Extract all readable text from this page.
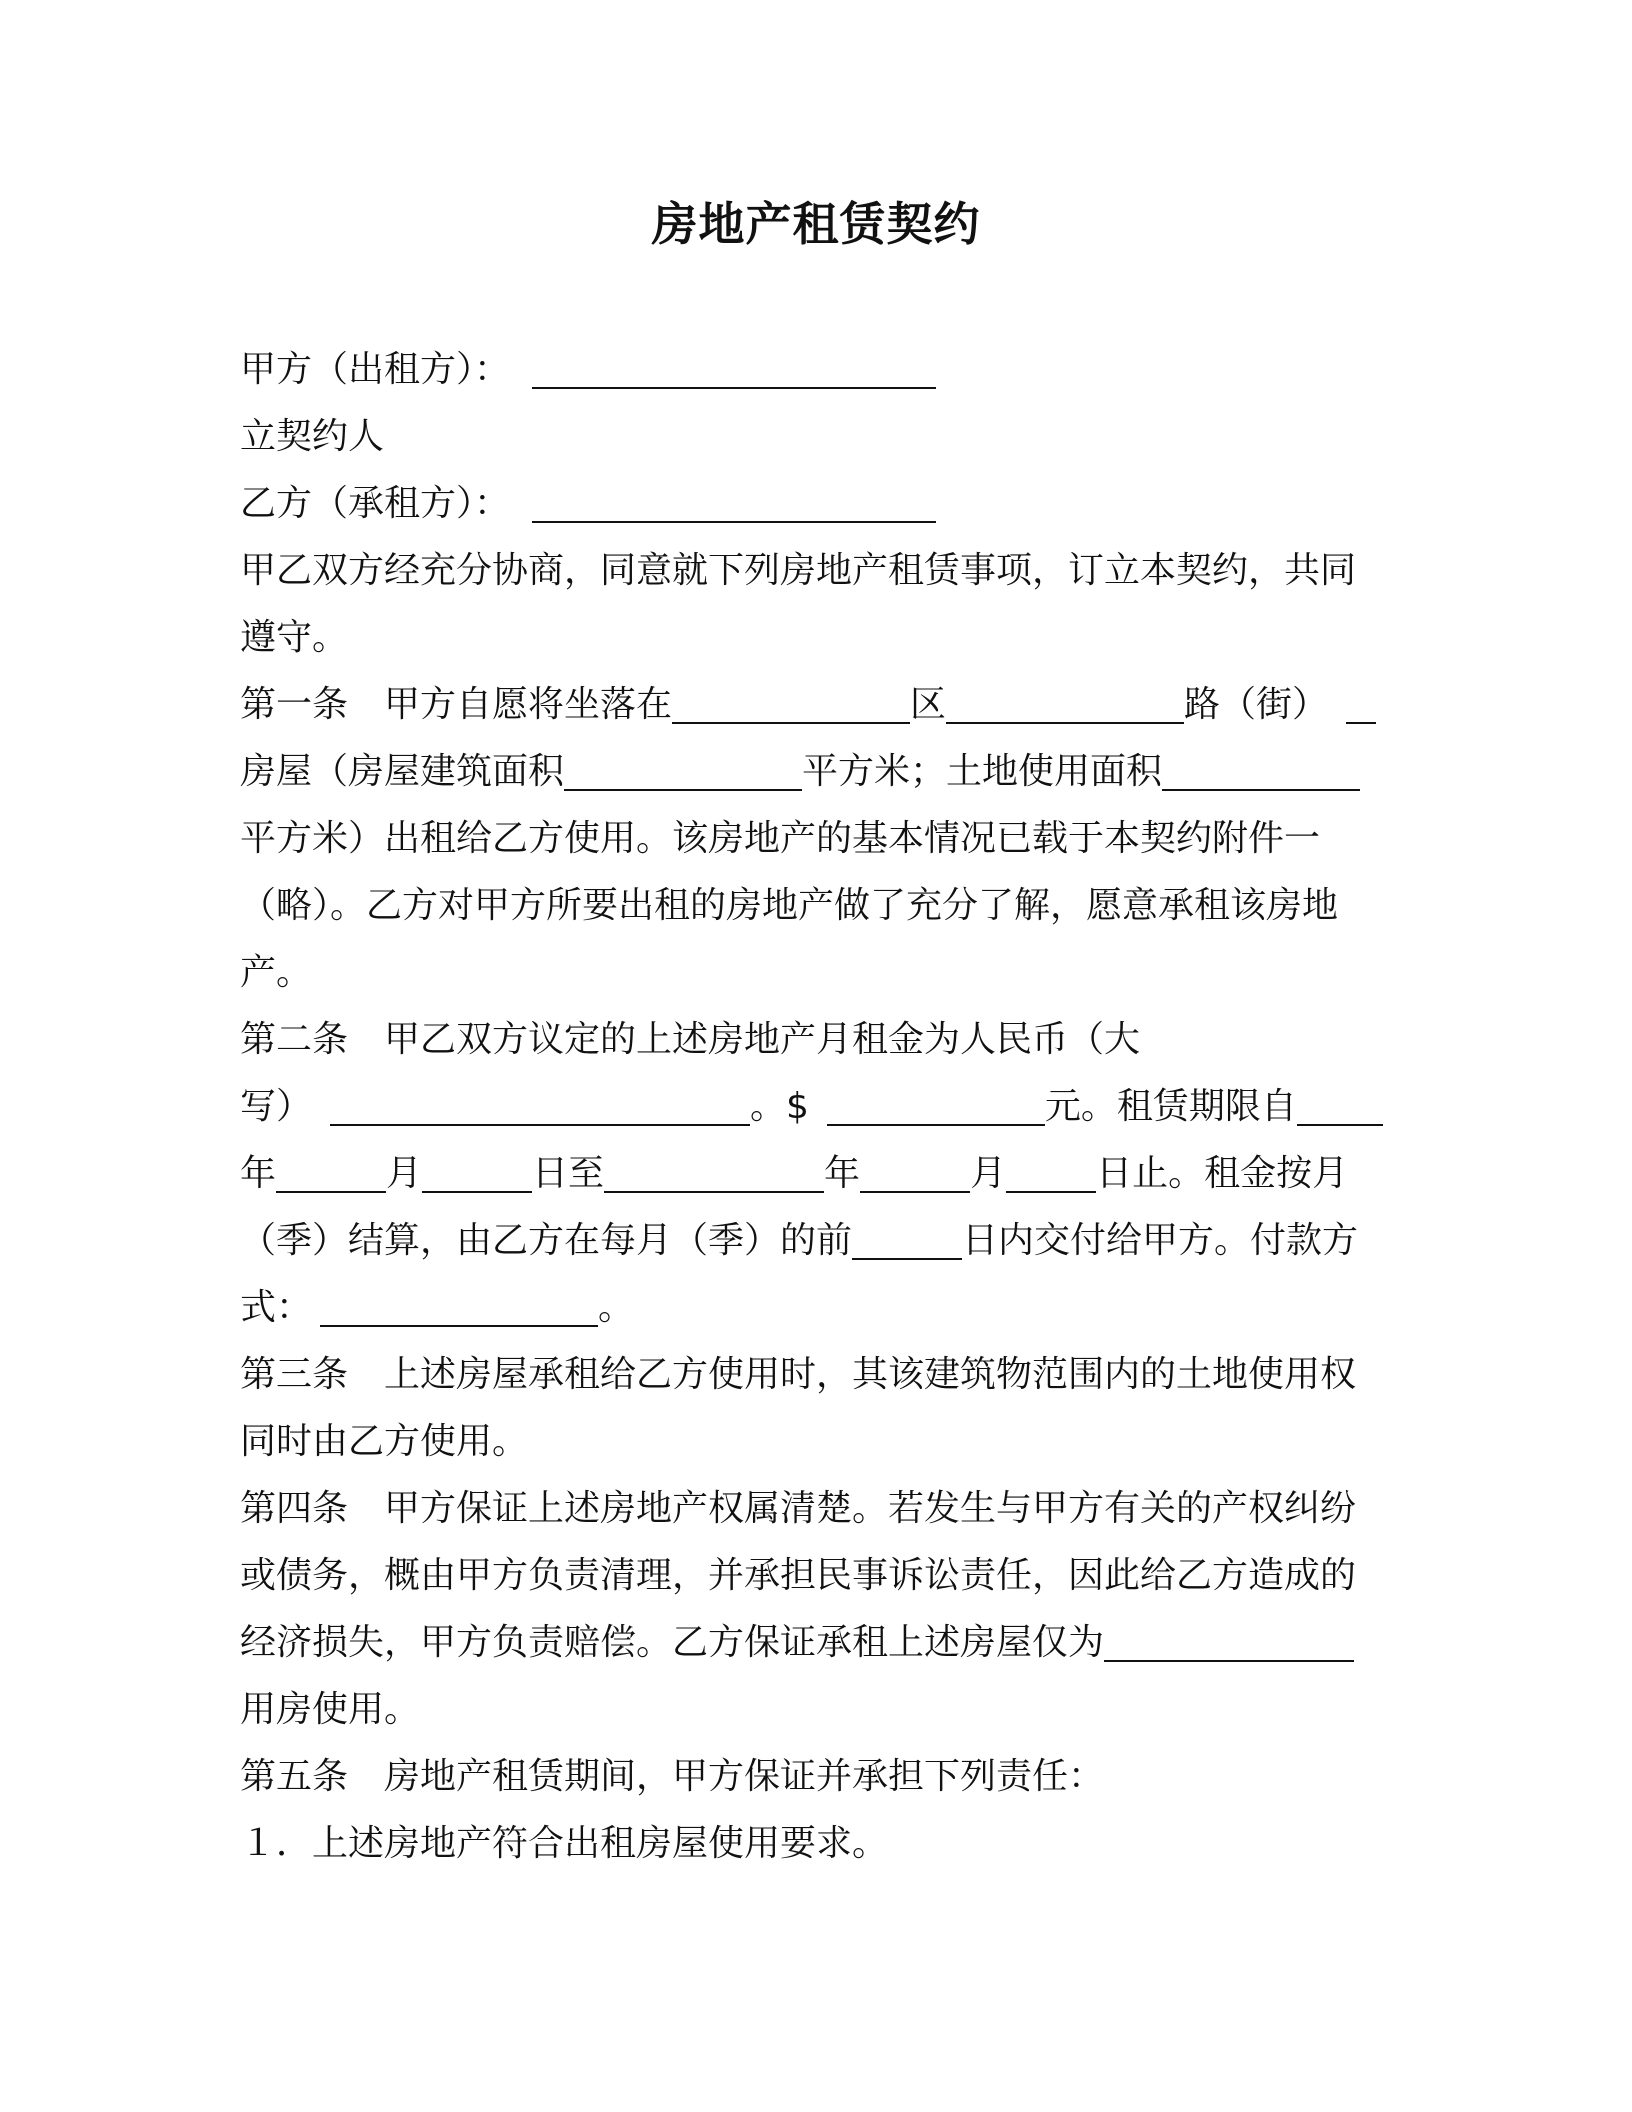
房地产租赁契约
甲方（出租方）：
立契约人
乙方（承租方）：
甲乙双方经充分协商，同意就下列房地产租赁事项，订立本契约，共同
遵守。
第一条 甲方自愿将坐落在	区	路（街）
房屋（房屋建筑面积	平方米；土地使用面积
平方米）出租给乙方使用。该房地产的基本情况已载于本契约附件一
（略）。乙方对甲方所要出租的房地产做了充分了解，愿意承租该房地
产。
第二条 甲乙双方议定的上述房地产月租金为人民币（大
写）	。$	元。租赁期限自
年	月	日至	年	月	日止。租金按月
（季）结算，由乙方在每月（季）的前	日内交付给甲方。付款方
式：	。
第三条 上述房屋承租给乙方使用时，其该建筑物范围内的土地使用权
同时由乙方使用。
第四条 甲方保证上述房地产权属清楚。若发生与甲方有关的产权纠纷
或债务，概由甲方负责清理，并承担民事诉讼责任，因此给乙方造成的
经济损失，甲方负责赔偿。乙方保证承租上述房屋仅为
用房使用。
第五条 房地产租赁期间，甲方保证并承担下列责任：
１．上述房地产符合出租房屋使用要求。
